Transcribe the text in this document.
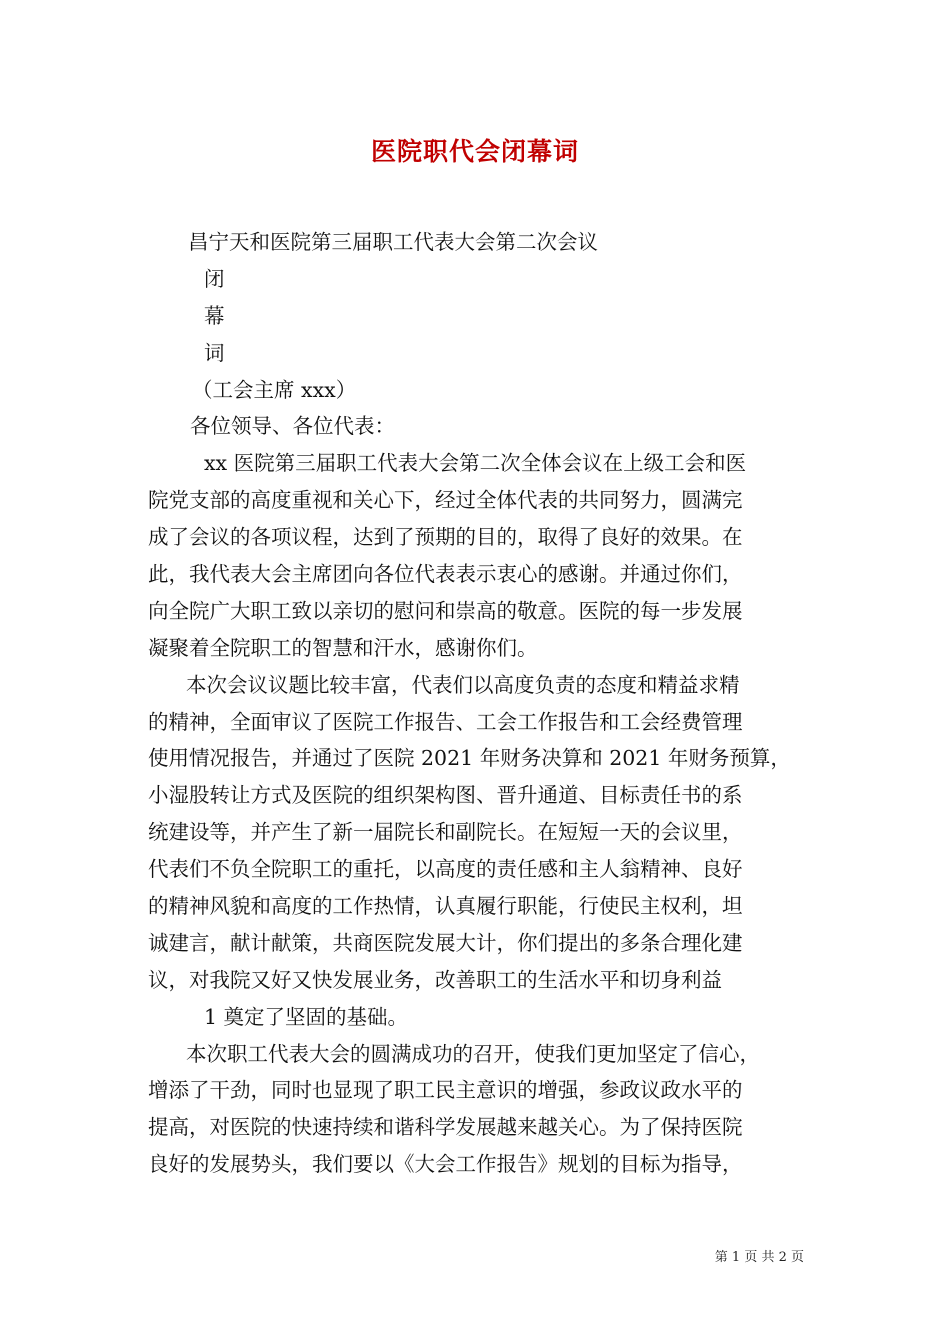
医院职代会闭幕词
昌宁天和医院第三届职工代表大会第二次会议
闭
幕
词
（工会主席 xxx）
各位领导、各位代表：
xx 医院第三届职工代表大会第二次全体会议在上级工会和医
院党支部的高度重视和关心下，经过全体代表的共同努力，圆满完
成了会议的各项议程，达到了预期的目的，取得了良好的效果。在
此，我代表大会主席团向各位代表表示衷心的感谢。并通过你们，
向全院广大职工致以亲切的慰问和崇高的敬意。医院的每一步发展
凝聚着全院职工的智慧和汗水，感谢你们。
本次会议议题比较丰富，代表们以高度负责的态度和精益求精
的精神，全面审议了医院工作报告、工会工作报告和工会经费管理
使用情况报告，并通过了医院 2021 年财务决算和 2021 年财务预算，
小湿股转让方式及医院的组织架构图、晋升通道、目标责任书的系
统建设等，并产生了新一届院长和副院长。在短短一天的会议里，
代表们不负全院职工的重托，以高度的责任感和主人翁精神、良好
的精神风貌和高度的工作热情，认真履行职能，行使民主权利，坦
诚建言，献计献策，共商医院发展大计，你们提出的多条合理化建
议，对我院又好又快发展业务，改善职工的生活水平和切身利益
1 奠定了坚固的基础。
本次职工代表大会的圆满成功的召开，使我们更加坚定了信心，
增添了干劲，同时也显现了职工民主意识的增强，参政议政水平的
提高，对医院的快速持续和谐科学发展越来越关心。为了保持医院
良好的发展势头，我们要以《大会工作报告》规划的目标为指导，
第 1 页 共 2 页
